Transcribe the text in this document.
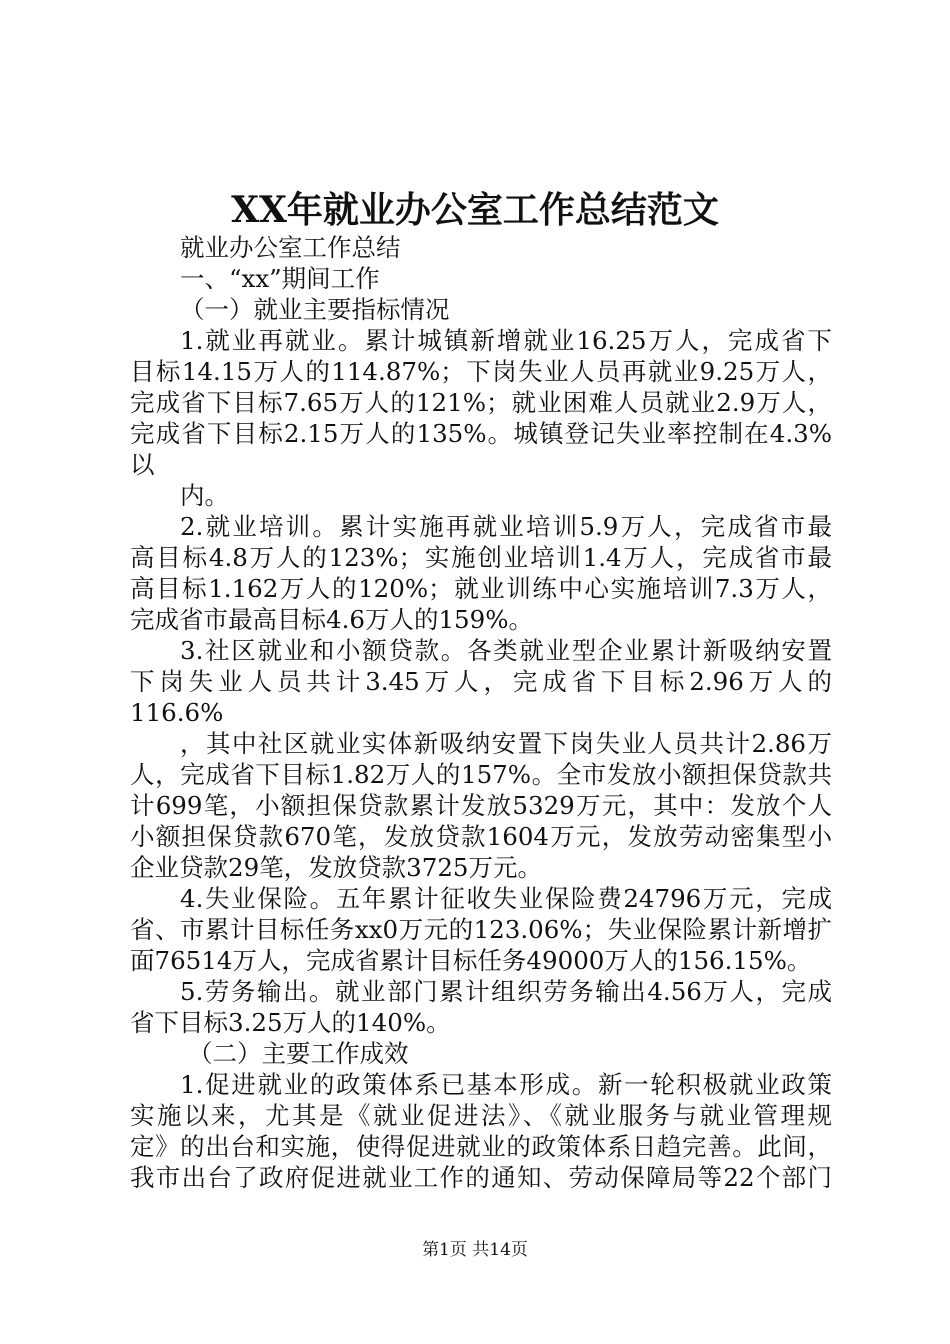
XX年就业办公室工作总结范文
就业办公室工作总结
一、“xx”期间工作
（一）就业主要指标情况
1.就业再就业。累计城镇新增就业16.25万人，完成省下
目标14.15万人的114.87%；下岗失业人员再就业9.25万人，
完成省下目标7.65万人的121%；就业困难人员就业2.9万人，
完成省下目标2.15万人的135%。城镇登记失业率控制在4.3%
以
内。
2.就业培训。累计实施再就业培训5.9万人，完成省市最
高目标4.8万人的123%；实施创业培训1.4万人，完成省市最
高目标1.162万人的120%；就业训练中心实施培训7.3万人，
完成省市最高目标4.6万人的159%。
3.社区就业和小额贷款。各类就业型企业累计新吸纳安置
下岗失业人员共计3.45万人，完成省下目标2.96万人的
116.6%
，其中社区就业实体新吸纳安置下岗失业人员共计2.86万
人，完成省下目标1.82万人的157%。全市发放小额担保贷款共
计699笔，小额担保贷款累计发放5329万元，其中：发放个人
小额担保贷款670笔，发放贷款1604万元，发放劳动密集型小
企业贷款29笔，发放贷款3725万元。
4.失业保险。五年累计征收失业保险费24796万元，完成
省、市累计目标任务xx0万元的123.06%；失业保险累计新增扩
面76514万人，完成省累计目标任务49000万人的156.15%。
5.劳务输出。就业部门累计组织劳务输出4.56万人，完成
省下目标3.25万人的140%。
（二）主要工作成效
1.促进就业的政策体系已基本形成。新一轮积极就业政策
实施以来，尤其是《就业促进法》、《就业服务与就业管理规
定》的出台和实施，使得促进就业的政策体系日趋完善。此间，
我市出台了政府促进就业工作的通知、劳动保障局等22个部门
第1页 共14页
